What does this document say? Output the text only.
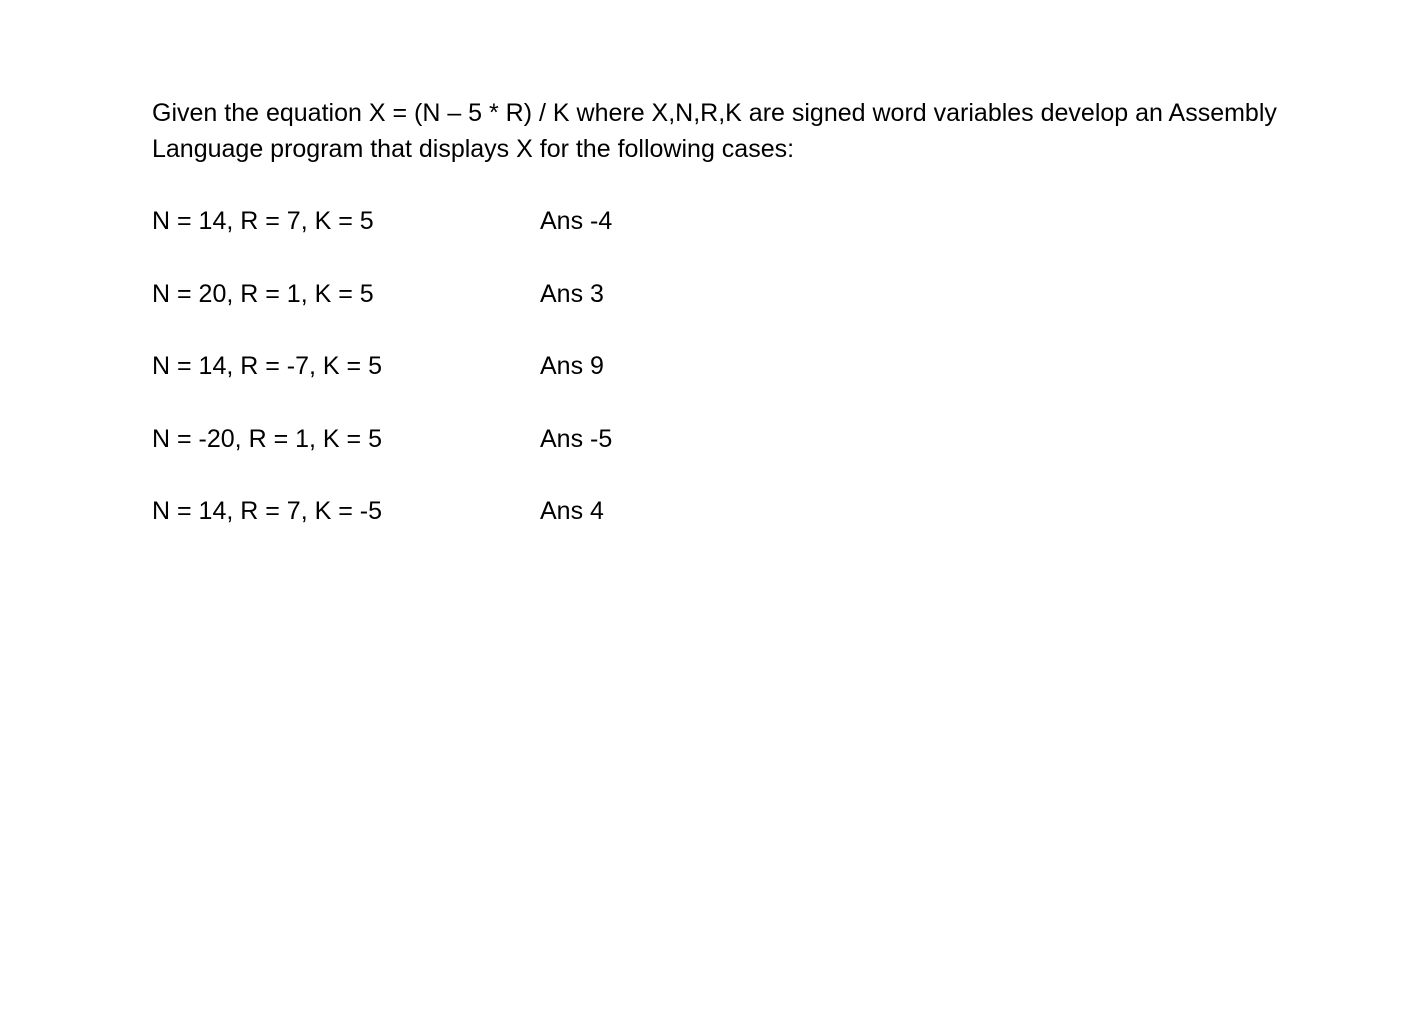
Given the equation X = (N – 5 * R) / K where X,N,R,K are signed word variables develop an Assembly
Language program that displays X for the following cases:
N = 14, R = 7, K = 5	Ans -4
N = 20, R = 1, K = 5	Ans 3
N = 14, R = -7, K = 5	Ans 9
N = -20, R = 1, K = 5	Ans -5
N = 14, R = 7, K = -5	Ans 4
